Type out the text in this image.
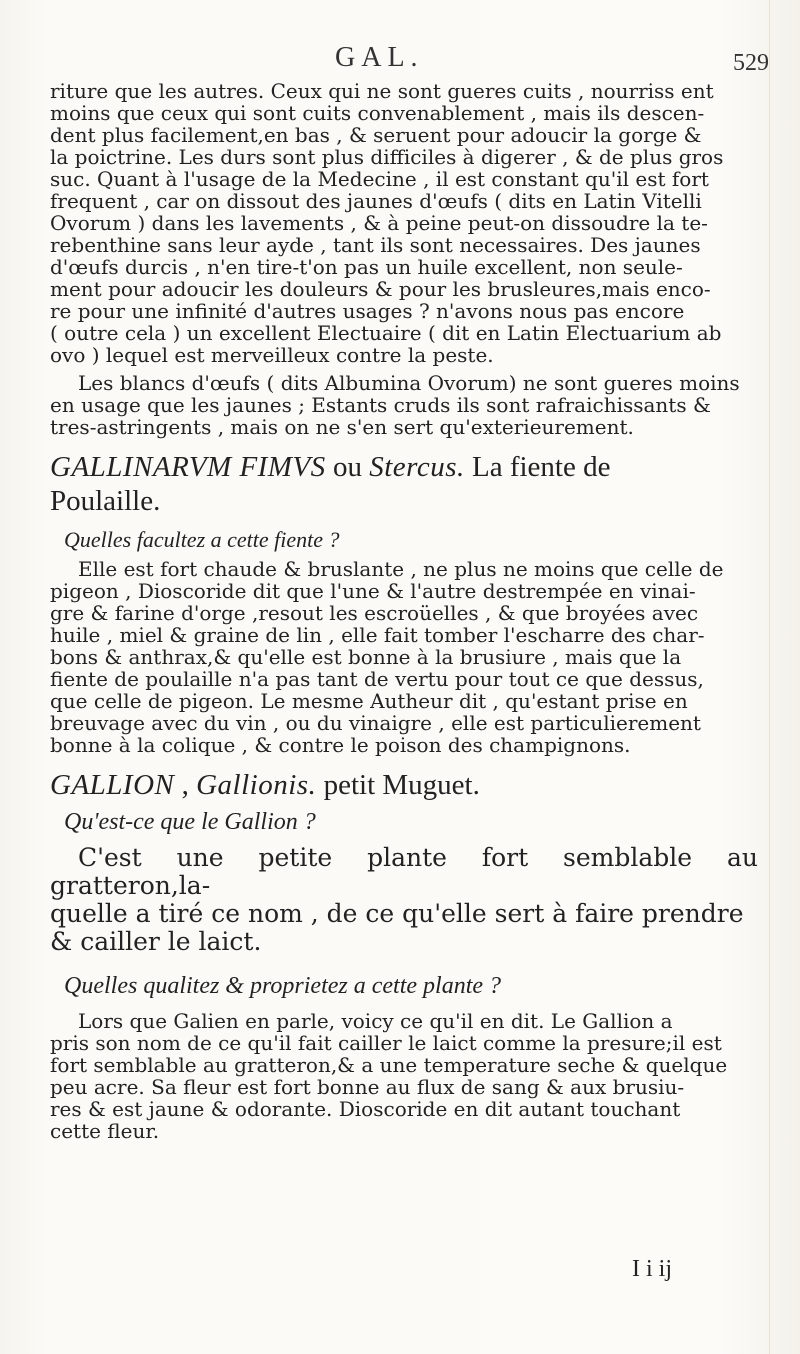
GAL.	529

riture que les autres. Ceux qui ne sont gueres cuits , nourriss ent

moins que ceux qui sont cuits convenablement , mais ils descen-

dent plus facilement,en bas , & seruent pour adoucir la gorge &

la poictrine. Les durs sont plus difficiles à digerer , & de plus gros

suc. Quant à l'usage de la Medecine , il est constant qu'il est fort

frequent , car on dissout des jaunes d'œufs ( dits en Latin Vitelli

Ovorum ) dans les lavements , & à peine peut-on dissoudre la te-

rebenthine sans leur ayde , tant ils sont necessaires. Des jaunes

d'œufs durcis , n'en tire-t'on pas un huile excellent, non seule-

ment pour adoucir les douleurs & pour les brusleures,mais enco-

re pour une infinité d'autres usages ? n'avons nous pas encore

( outre cela ) un excellent Electuaire ( dit en Latin Electuarium ab

ovo ) lequel est merveilleux contre la peste.

Les blancs d'œufs ( dits Albumina Ovorum) ne sont gueres moins

en usage que les jaunes ; Estants cruds ils sont rafraichissants &

tres-astringents , mais on ne s'en sert qu'exterieurement.

GALLINARVM FIMVS ou Stercus. La fiente de

Poulaille.

Quelles facultez a cette fiente ?

Elle est fort chaude & bruslante , ne plus ne moins que celle de

pigeon , Dioscoride dit que l'une & l'autre destrempée en vinai-

gre & farine d'orge ,resout les escroüelles , & que broyées avec

huile , miel & graine de lin , elle fait tomber l'escharre des char-

bons & anthrax,& qu'elle est bonne à la brusiure , mais que la

fiente de poulaille n'a pas tant de vertu pour tout ce que dessus,

que celle de pigeon. Le mesme Autheur dit , qu'estant prise en

breuvage avec du vin , ou du vinaigre , elle est particulierement

bonne à la colique , & contre le poison des champignons.

GALLION , Gallionis. petit Muguet.

Qu'est-ce que le Gallion ?

C'est une petite plante fort semblable au gratteron,la-

quelle a tiré ce nom , de ce qu'elle sert à faire prendre

& cailler le laict.

Quelles qualitez & proprietez a cette plante ?

Lors que Galien en parle, voicy ce qu'il en dit. Le Gallion a

pris son nom de ce qu'il fait cailler le laict comme la presure;il est

fort semblable au gratteron,& a une temperature seche & quelque

peu acre. Sa fleur est fort bonne au flux de sang & aux brusiu-

res & est jaune & odorante. Dioscoride en dit autant touchant

cette fleur.

I i ij
